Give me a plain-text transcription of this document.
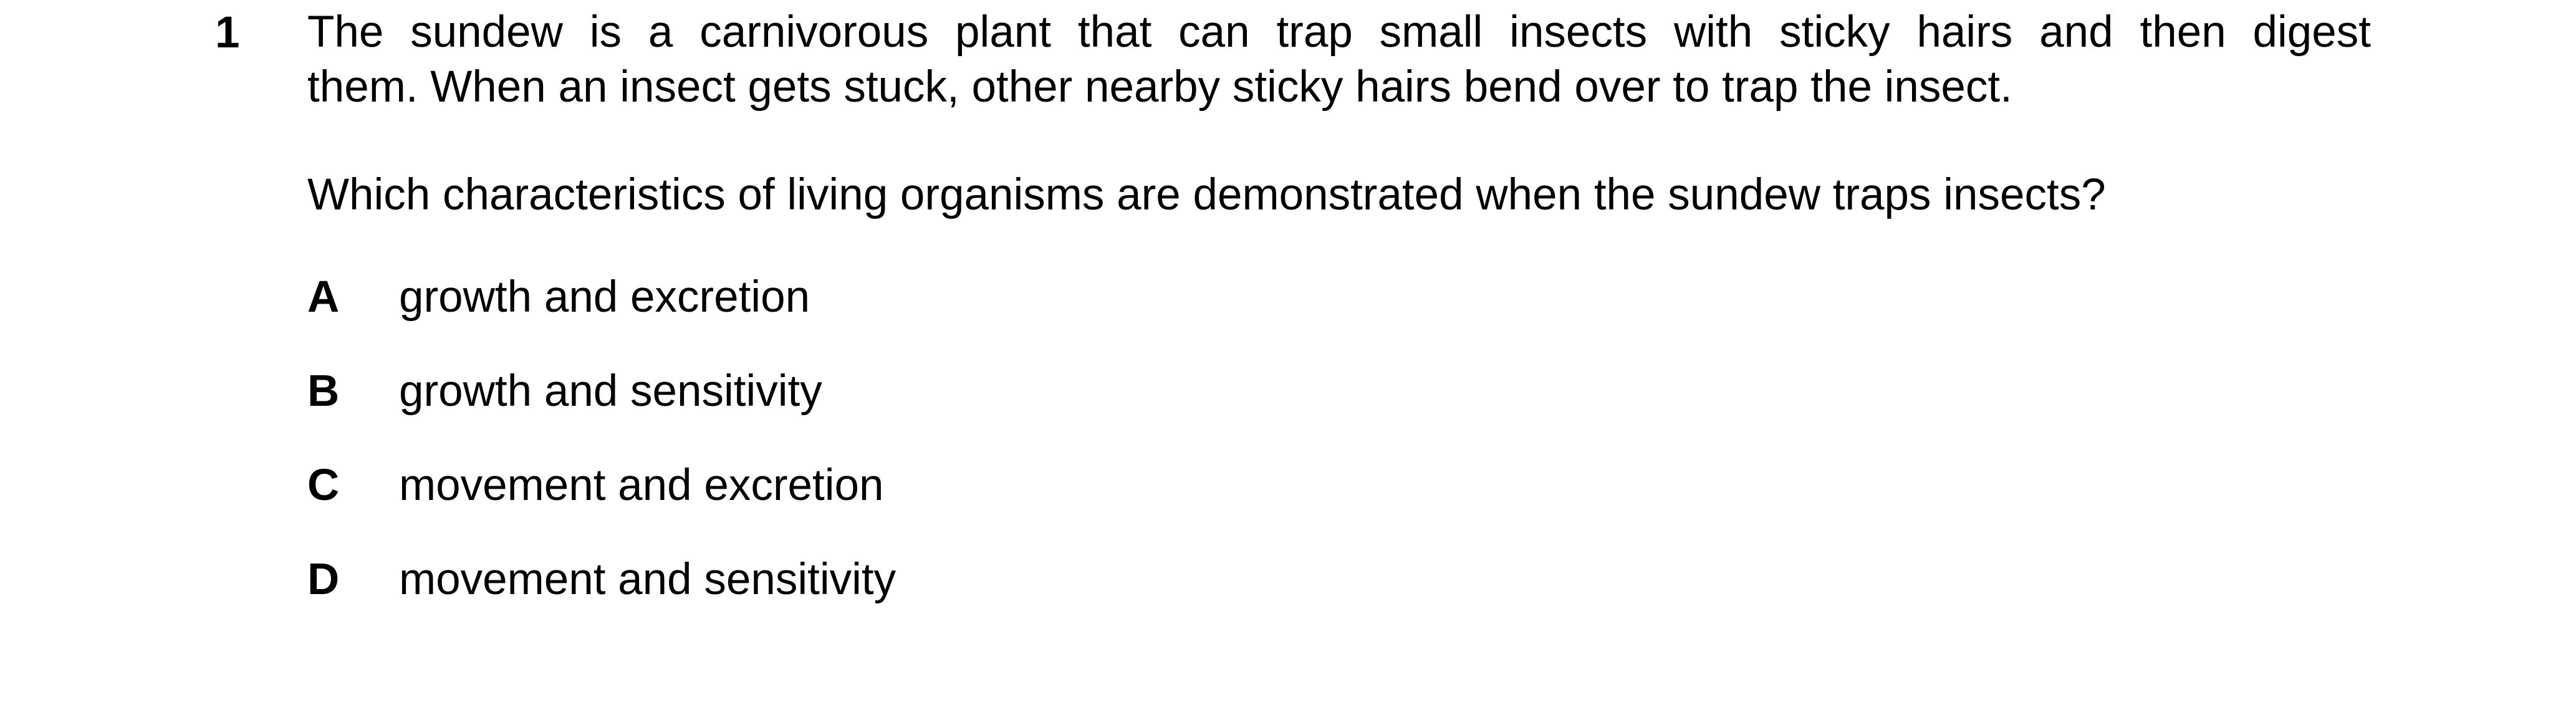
1 The sundew is a carnivorous plant that can trap small insects with sticky hairs and then digest
them. When an insect gets stuck, other nearby sticky hairs bend over to trap the insect.
Which characteristics of living organisms are demonstrated when the sundew traps insects?
A growth and excretion
B growth and sensitivity
C movement and excretion
D movement and sensitivity
